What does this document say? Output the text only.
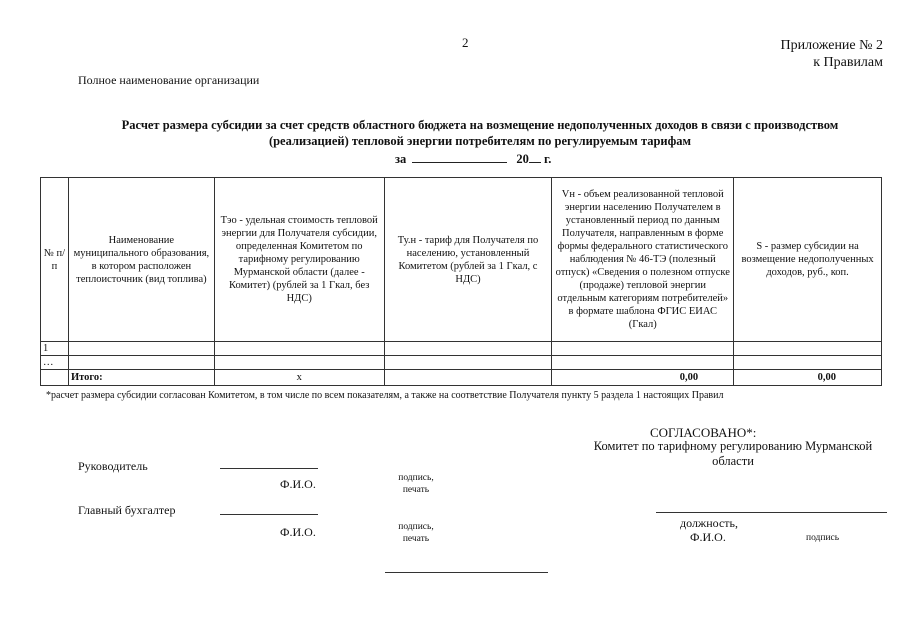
2	Приложение № 2
к Правилам
Полное наименование организации
Расчет размера субсидии за счет средств областного бюджета на возмещение недополученных доходов в связи с производством (реализацией) тепловой энергии потребителям по регулируемым тарифам
за	20 г.
№ п/п	Наименование муниципального образования, в котором расположен теплоисточник (вид топлива)	Тэо - удельная стоимость тепловой энергии для Получателя субсидии, определенная Комитетом по тарифному регулированию Мурманской области (далее - Комитет) (рублей за 1 Гкал, без НДС)	Ту.н - тариф для Получателя по населению, установленный Комитетом (рублей за 1 Гкал, с НДС)	Vн - объем реализованной тепловой энергии населению Получателем в установленный период по данным Получателя, направленным в форме формы федерального статистического наблюдения № 46-ТЭ (полезный отпуск) «Сведения о полезном отпуске (продаже) тепловой энергии отдельным категориям потребителей» в формате шаблона ФГИС ЕИАС (Гкал)	S - размер субсидии на возмещение недополученных доходов, руб., коп.
1					
…					
	Итого:	x		0,00	0,00
*расчет размера субсидии согласован Комитетом, в том числе по всем показателям, а также на соответствие Получателя пункту 5 раздела 1 настоящих Правил
СОГЛАСОВАНО*:
Комитет по тарифному регулированию Мурманской области
Руководитель
Ф.И.О.	подпись, печать
Главный бухгалтер
Ф.И.О.	подпись, печать
должность,
Ф.И.О.	подпись
